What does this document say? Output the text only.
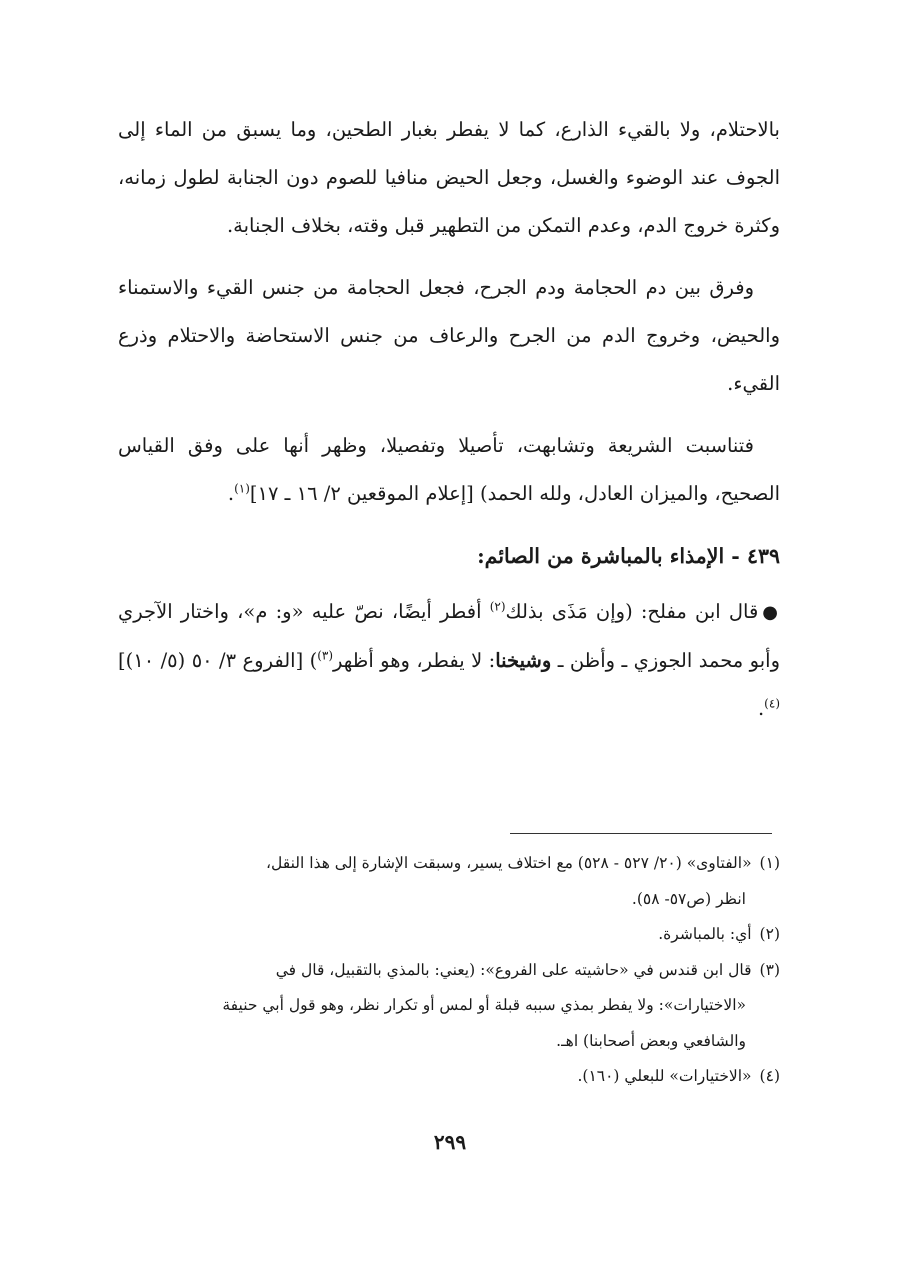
بالاحتلام، ولا بالقيء الذارع، كما لا يفطر بغبار الطحين، وما يسبق من الماء إلى الجوف عند الوضوء والغسل، وجعل الحيض منافيا للصوم دون الجنابة لطول زمانه، وكثرة خروج الدم، وعدم التمكن من التطهير قبل وقته، بخلاف الجنابة.

وفرق بين دم الحجامة ودم الجرح، فجعل الحجامة من جنس القيء والاستمناء والحيض، وخروج الدم من الجرح والرعاف من جنس الاستحاضة والاحتلام وذرع القيء.

فتناسبت الشريعة وتشابهت، تأصيلا وتفصيلا، وظهر أنها على وفق القياس الصحيح، والميزان العادل، ولله الحمد) [إعلام الموقعين ٢/ ١٦ ـ ١٧]$^{(١)}$.

٤٣٩ - الإمذاء بالمباشرة من الصائم:

●قال ابن مفلح: (وإن مَذَى بذلك$^{(٢)}$ أفطر أيضًا، نصّ عليه «و: م»، واختار الآجري وأبو محمد الجوزي ـ وأظن ـ وشيخنا: لا يفطر، وهو أظهر$^{(٣)}$) [الفروع ٣/ ٥٠ (٥/ ١٠)]$^{(٤)}$.

(١)«الفتاوى» (٢٠/ ٥٢٧ - ٥٢٨) مع اختلاف يسير، وسبقت الإشارة إلى هذا النقل،

انظر (ص٥٧- ٥٨).

(٢)أي: بالمباشرة.

(٣)قال ابن قندس في «حاشيته على الفروع»: (يعني: بالمذي بالتقبيل، قال في

«الاختيارات»: ولا يفطر بمذي سببه قبلة أو لمس أو تكرار نظر، وهو قول أبي حنيفة

والشافعي وبعض أصحابنا) اهـ.

(٤)«الاختيارات» للبعلي (١٦٠).

٢٩٩
